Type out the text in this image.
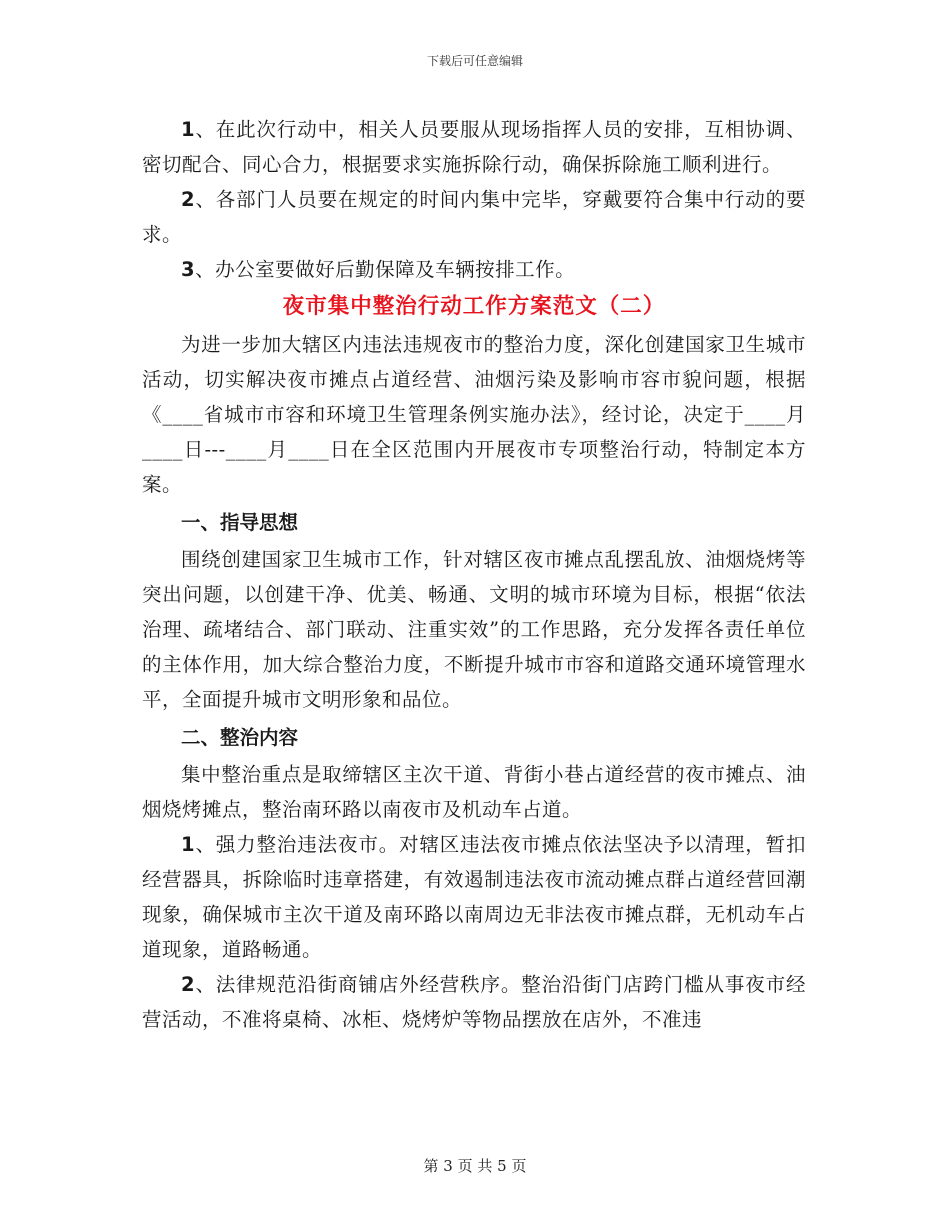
下载后可任意编辑

1、在此次行动中，相关人员要服从现场指挥人员的安排，互相协调、密切配合、同心合力，根据要求实施拆除行动，确保拆除施工顺利进行。

2、各部门人员要在规定的时间内集中完毕，穿戴要符合集中行动的要求。

3、办公室要做好后勤保障及车辆按排工作。

夜市集中整治行动工作方案范文（二）

为进一步加大辖区内违法违规夜市的整治力度，深化创建国家卫生城市活动，切实解决夜市摊点占道经营、油烟污染及影响市容市貌问题，根据《____省城市市容和环境卫生管理条例实施办法》，经讨论，决定于____月____日---____月____日在全区范围内开展夜市专项整治行动，特制定本方案。

一、指导思想

围绕创建国家卫生城市工作，针对辖区夜市摊点乱摆乱放、油烟烧烤等突出问题，以创建干净、优美、畅通、文明的城市环境为目标，根据“依法治理、疏堵结合、部门联动、注重实效”的工作思路，充分发挥各责任单位的主体作用，加大综合整治力度，不断提升城市市容和道路交通环境管理水平，全面提升城市文明形象和品位。

二、整治内容

集中整治重点是取缔辖区主次干道、背街小巷占道经营的夜市摊点、油烟烧烤摊点，整治南环路以南夜市及机动车占道。

1、强力整治违法夜市。对辖区违法夜市摊点依法坚决予以清理，暂扣经营器具，拆除临时违章搭建，有效遏制违法夜市流动摊点群占道经营回潮现象，确保城市主次干道及南环路以南周边无非法夜市摊点群，无机动车占道现象，道路畅通。

2、法律规范沿街商铺店外经营秩序。整治沿街门店跨门槛从事夜市经营活动，不准将桌椅、冰柜、烧烤炉等物品摆放在店外，不准违

第 3 页 共 5 页
